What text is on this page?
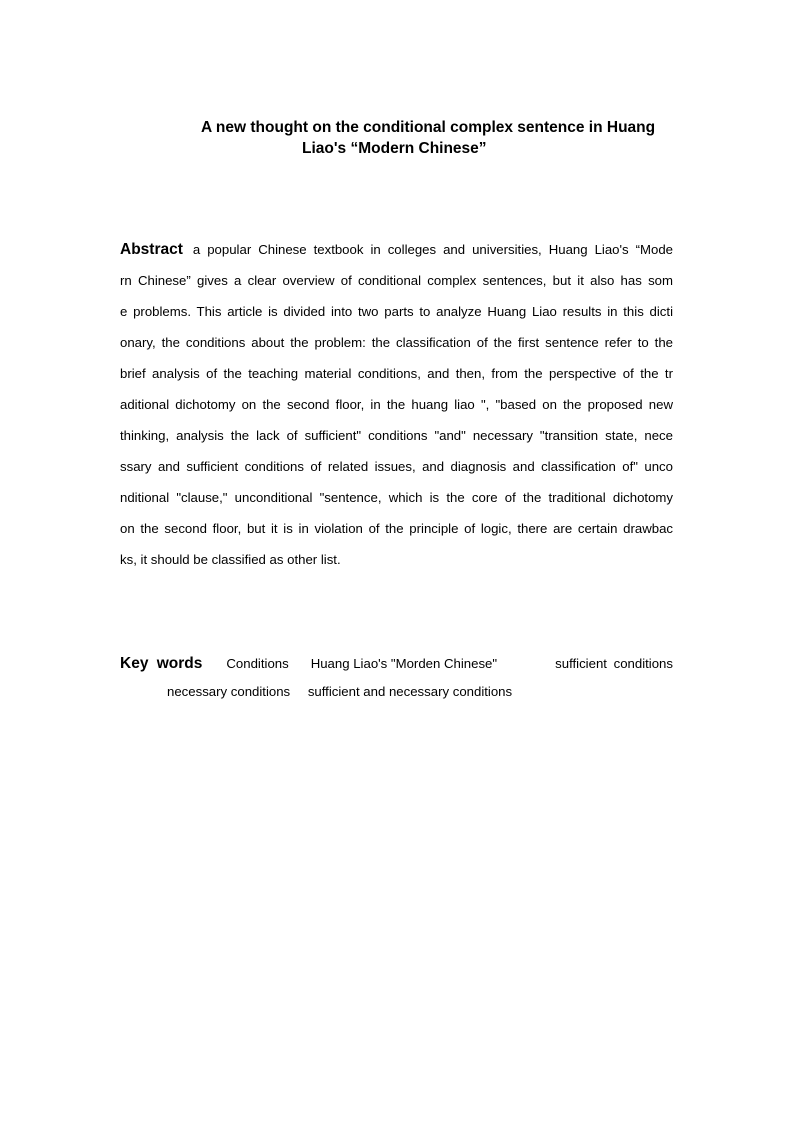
A new thought on the conditional complex sentence in Huang
Liao's “Modern Chinese”
Abstract a popular Chinese textbook in colleges and universities, Huang Liao's “Mode
rn Chinese” gives a clear overview of conditional complex sentences, but it also has som
e problems. This article is divided into two parts to analyze Huang Liao results in this dicti
onary, the conditions about the problem: the classification of the first sentence refer to the
brief analysis of the teaching material conditions, and then, from the perspective of the tr
aditional dichotomy on the second floor, in the huang liao ", "based on the proposed new
thinking, analysis the lack of sufficient" conditions "and" necessary "transition state, nece
ssary and sufficient conditions of related issues, and diagnosis and classification of" unco
nditional "clause," unconditional "sentence, which is the core of the traditional dichotomy
on the second floor, but it is in violation of the principle of logic, there are certain drawbac
ks, it should be classified as other list.
Key words Conditions Huang Liao's "Morden Chinese"	sufficient conditions
necessary conditions sufficient and necessary conditions
